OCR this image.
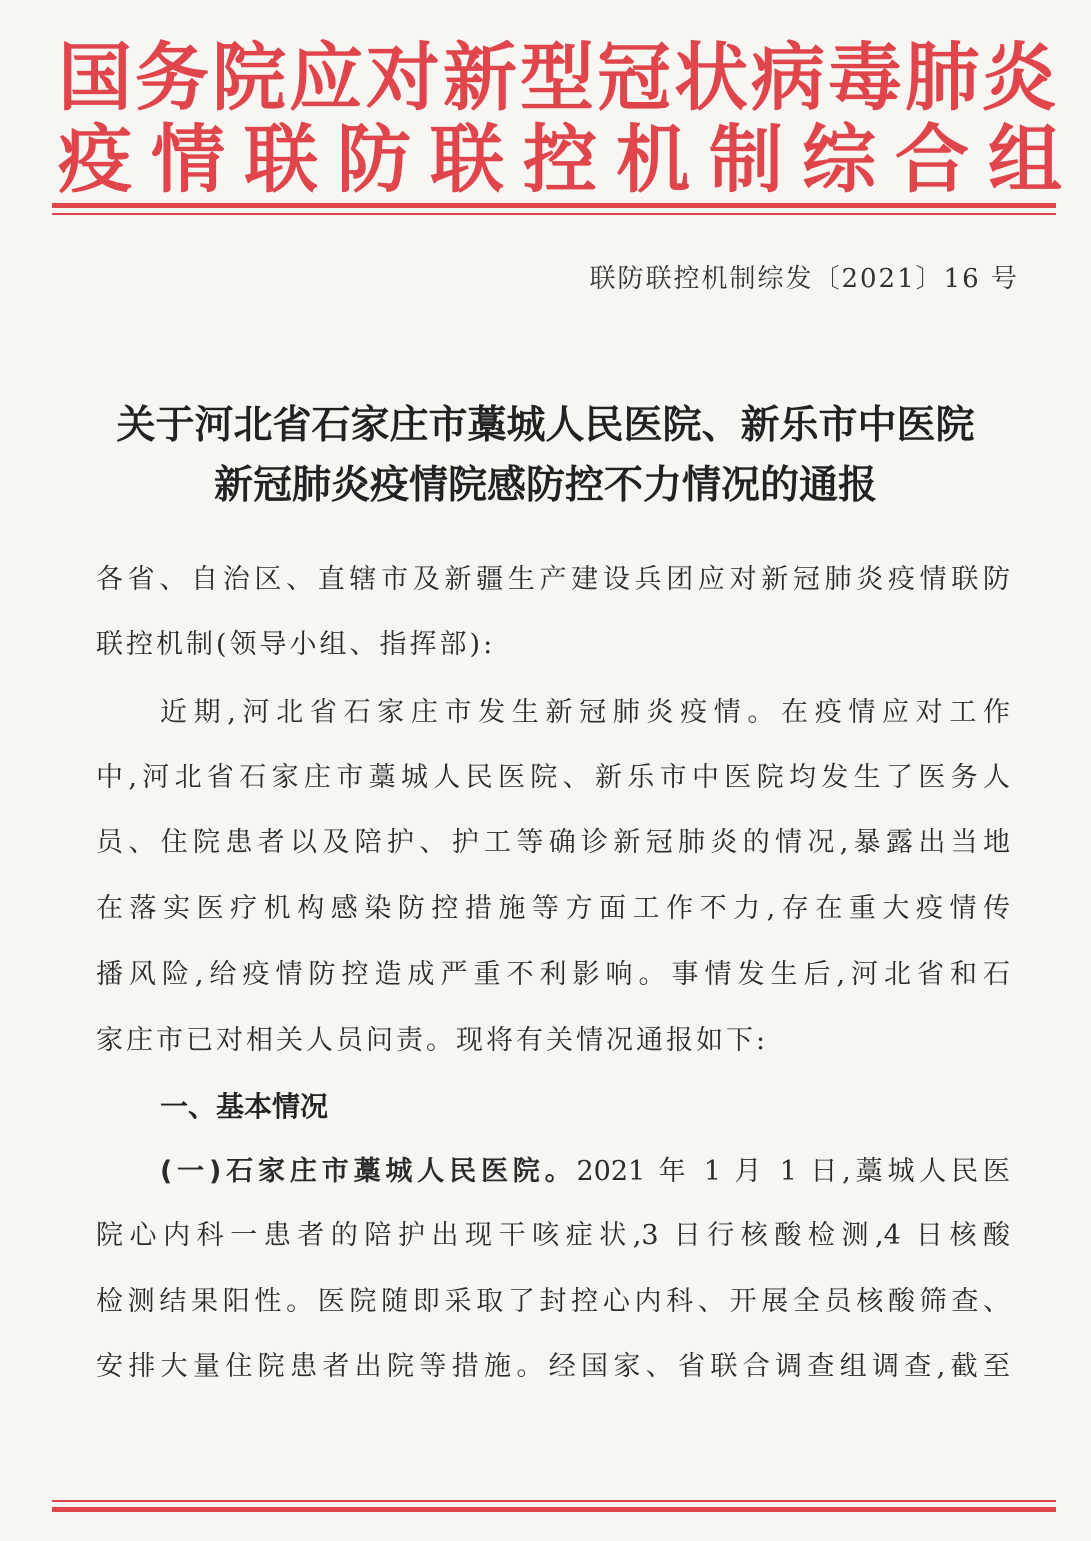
国务院应对新型冠状病毒肺炎
疫情联防联控机制综合组
联防联控机制综发〔2021〕16 号
关于河北省石家庄市藁城人民医院、新乐市中医院
新冠肺炎疫情院感防控不力情况的通报
各省、自治区、直辖市及新疆生产建设兵团应对新冠肺炎疫情联防
联控机制(领导小组、指挥部):
近期,河北省石家庄市发生新冠肺炎疫情。在疫情应对工作
中,河北省石家庄市藁城人民医院、新乐市中医院均发生了医务人
员、住院患者以及陪护、护工等确诊新冠肺炎的情况,暴露出当地
在落实医疗机构感染防控措施等方面工作不力,存在重大疫情传
播风险,给疫情防控造成严重不利影响。事情发生后,河北省和石
家庄市已对相关人员问责。现将有关情况通报如下:
一、基本情况
(一)石家庄市藁城人民医院。2021 年 1 月 1 日,藁城人民医
院心内科一患者的陪护出现干咳症状,3 日行核酸检测,4 日核酸
检测结果阳性。医院随即采取了封控心内科、开展全员核酸筛查、
安排大量住院患者出院等措施。经国家、省联合调查组调查,截至
